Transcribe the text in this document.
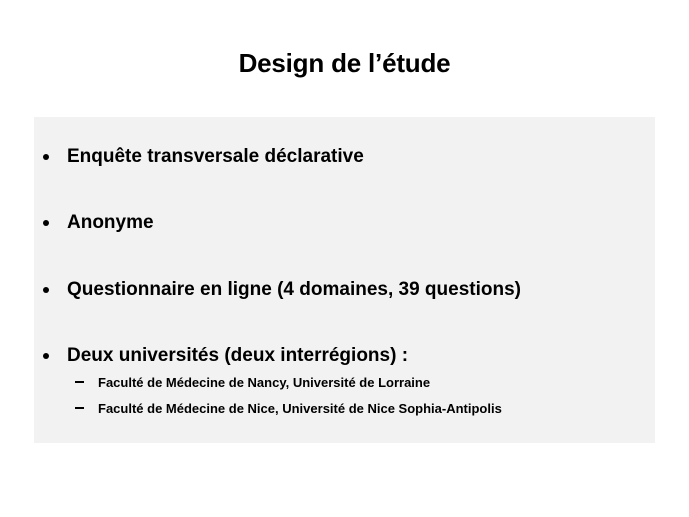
Design de l’étude
Enquête transversale déclarative
Anonyme
Questionnaire en ligne (4 domaines, 39 questions)
Deux universités (deux interrégions) :
Faculté de Médecine de Nancy, Université de Lorraine
Faculté de Médecine de Nice, Université de Nice Sophia-Antipolis
